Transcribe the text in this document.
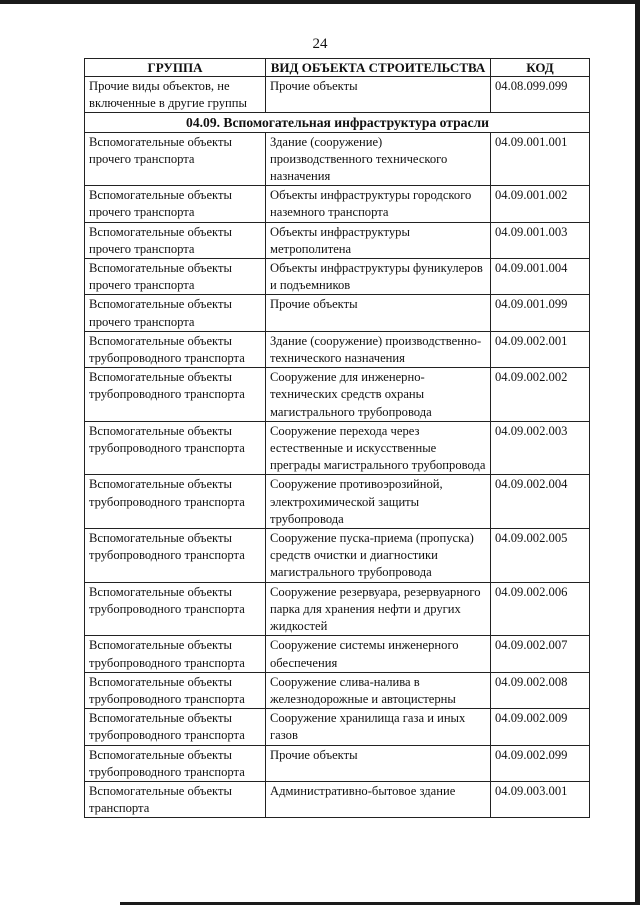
24
ГРУППА	ВИД ОБЪЕКТА СТРОИТЕЛЬСТВА	КОД
Прочие виды объектов, не включенные в другие группы	Прочие объекты	04.08.099.099
04.09. Вспомогательная инфраструктура отрасли		
Вспомогательные объекты прочего транспорта	Здание (сооружение) производственного технического назначения	04.09.001.001
Вспомогательные объекты прочего транспорта	Объекты инфраструктуры городского наземного транспорта	04.09.001.002
Вспомогательные объекты прочего транспорта	Объекты инфраструктуры метрополитена	04.09.001.003
Вспомогательные объекты прочего транспорта	Объекты инфраструктуры фуникулеров и подъемников	04.09.001.004
Вспомогательные объекты прочего транспорта	Прочие объекты	04.09.001.099
Вспомогательные объекты трубопроводного транспорта	Здание (сооружение) производственно-технического назначения	04.09.002.001
Вспомогательные объекты трубопроводного транспорта	Сооружение для инженерно-технических средств охраны магистрального трубопровода	04.09.002.002
Вспомогательные объекты трубопроводного транспорта	Сооружение перехода через естественные и искусственные преграды магистрального трубопровода	04.09.002.003
Вспомогательные объекты трубопроводного транспорта	Сооружение противоэрозийной, электрохимической защиты трубопровода	04.09.002.004
Вспомогательные объекты трубопроводного транспорта	Сооружение пуска-приема (пропуска) средств очистки и диагностики магистрального трубопровода	04.09.002.005
Вспомогательные объекты трубопроводного транспорта	Сооружение резервуара, резервуарного парка для хранения нефти и других жидкостей	04.09.002.006
Вспомогательные объекты трубопроводного транспорта	Сооружение системы инженерного обеспечения	04.09.002.007
Вспомогательные объекты трубопроводного транспорта	Сооружение слива-налива в железнодорожные и автоцистерны	04.09.002.008
Вспомогательные объекты трубопроводного транспорта	Сооружение хранилища газа и иных газов	04.09.002.009
Вспомогательные объекты трубопроводного транспорта	Прочие объекты	04.09.002.099
Вспомогательные объекты транспорта	Административно-бытовое здание	04.09.003.001
